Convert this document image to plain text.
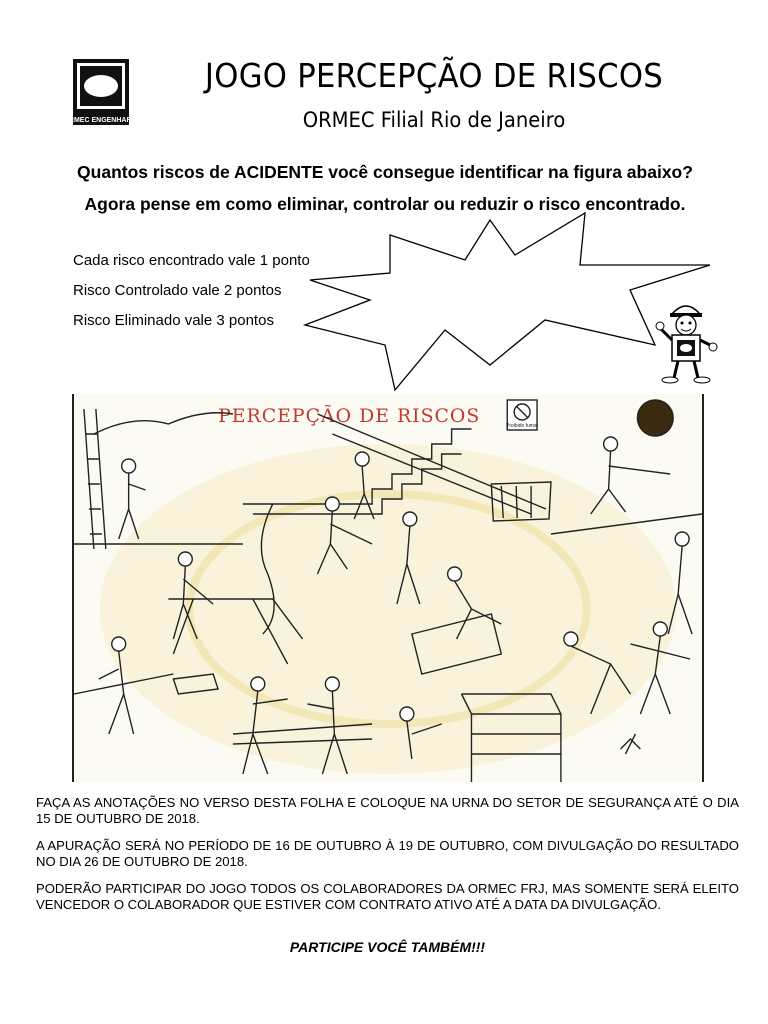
ORMEC ENGENHARIA
JOGO PERCEPÇÃO DE RISCOS

ORMEC Filial Rio de Janeiro

Quantos riscos de ACIDENTE você consegue identificar na figura abaixo?

Agora pense em como eliminar, controlar ou reduzir o risco encontrado.

Cada risco encontrado vale 1 ponto
Risco Controlado vale 2 pontos
Risco Eliminado vale 3 pontos
PERCEPÇÃO DE RISCOS	Proibido fumar

FAÇA AS ANOTAÇÕES NO VERSO DESTA FOLHA E COLOQUE NA URNA DO SETOR DE SEGURANÇA ATÉ O DIA 15 DE OUTUBRO DE 2018.

A APURAÇÃO SERÁ NO PERÍODO DE 16 DE OUTUBRO À 19 DE OUTUBRO, COM DIVULGAÇÃO DO RESULTADO NO DIA 26 DE OUTUBRO DE 2018.

PODERÃO PARTICIPAR DO JOGO TODOS OS COLABORADORES DA ORMEC FRJ, MAS SOMENTE SERÁ ELEITO VENCEDOR O COLABORADOR QUE ESTIVER COM CONTRATO ATIVO ATÉ A DATA DA DIVULGAÇÃO.

PARTICIPE VOCÊ TAMBÉM!!!
